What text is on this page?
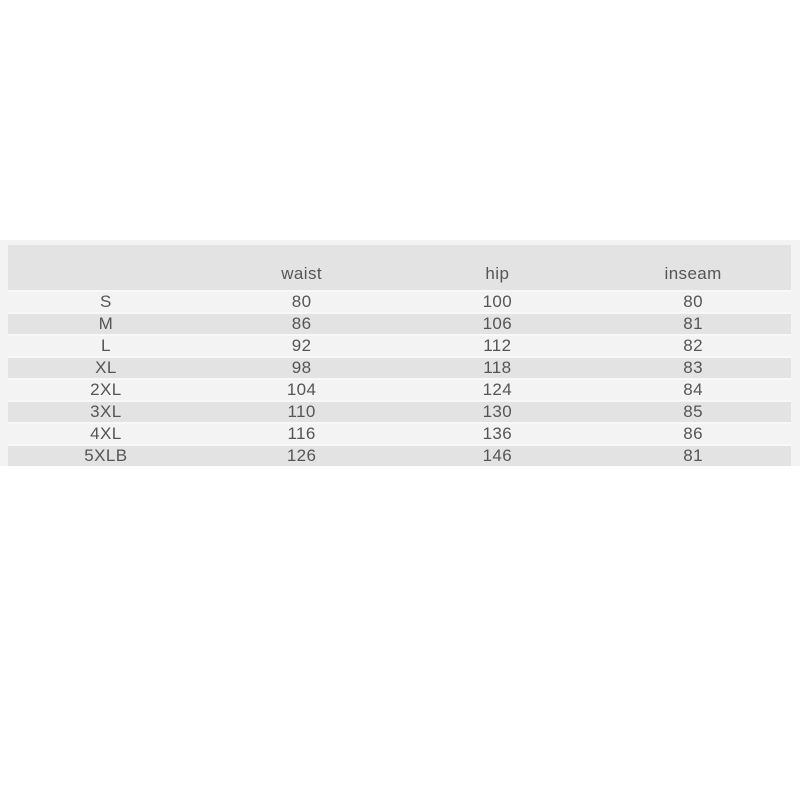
	waist	hip	inseam
S	80	100	80
M	86	106	81
L	92	112	82
XL	98	118	83
2XL	104	124	84
3XL	110	130	85
4XL	116	136	86
5XLB	126	146	81
